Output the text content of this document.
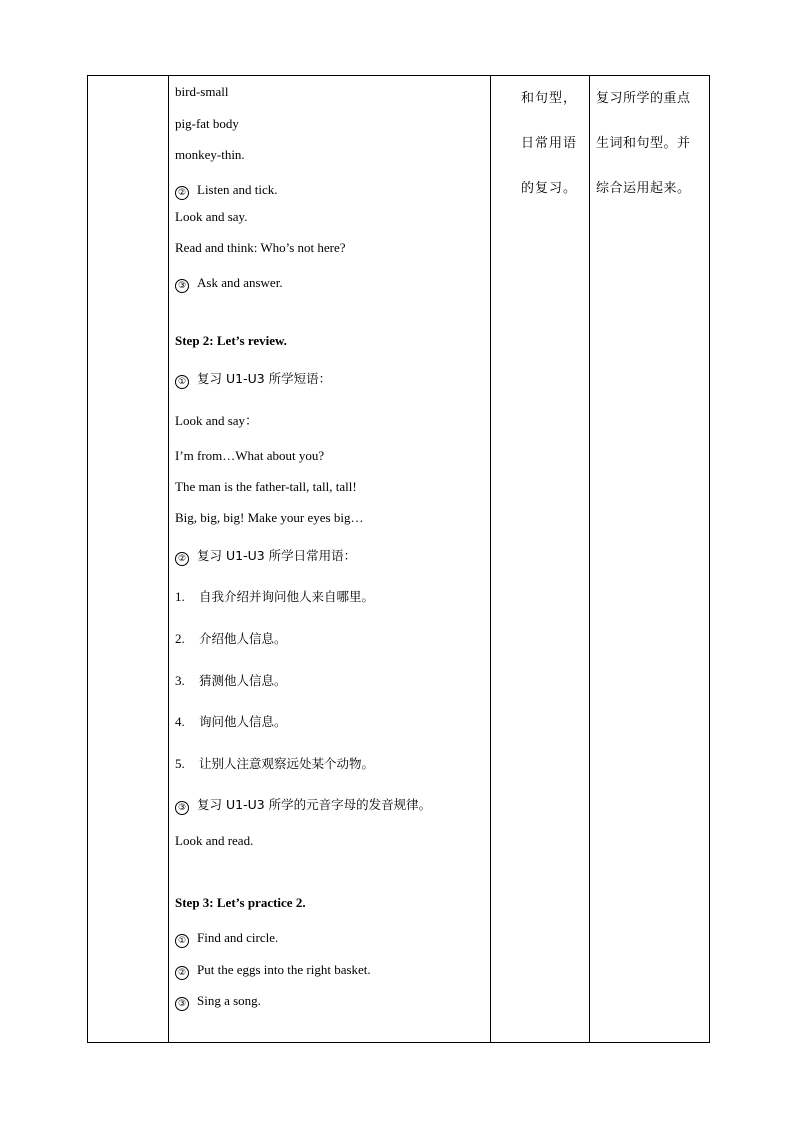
bird-small
pig-fat body
monkey-thin.
② Listen and tick.
Look and say.
Read and think: Who’s not here?
③ Ask and answer.
Step 2: Let’s review.
① 复习 U1-U3 所学短语：
Look and say：
I’m from…What about you?
The man is the father-tall, tall, tall!
Big, big, big! Make your eyes big…
② 复习 U1-U3 所学日常用语：
1. 自我介绍并询问他人来自哪里。
2. 介绍他人信息。
3. 猜测他人信息。
4. 询问他人信息。
5. 让别人注意观察远处某个动物。
③ 复习 U1-U3 所学的元音字母的发音规律。
Look and read.
Step 3: Let’s practice 2.
① Find and circle.
② Put the eggs into the right basket.
③ Sing a song.

和句型，
日常用语
的复习。

复习所学的重点
生词和句型。并
综合运用起来。
